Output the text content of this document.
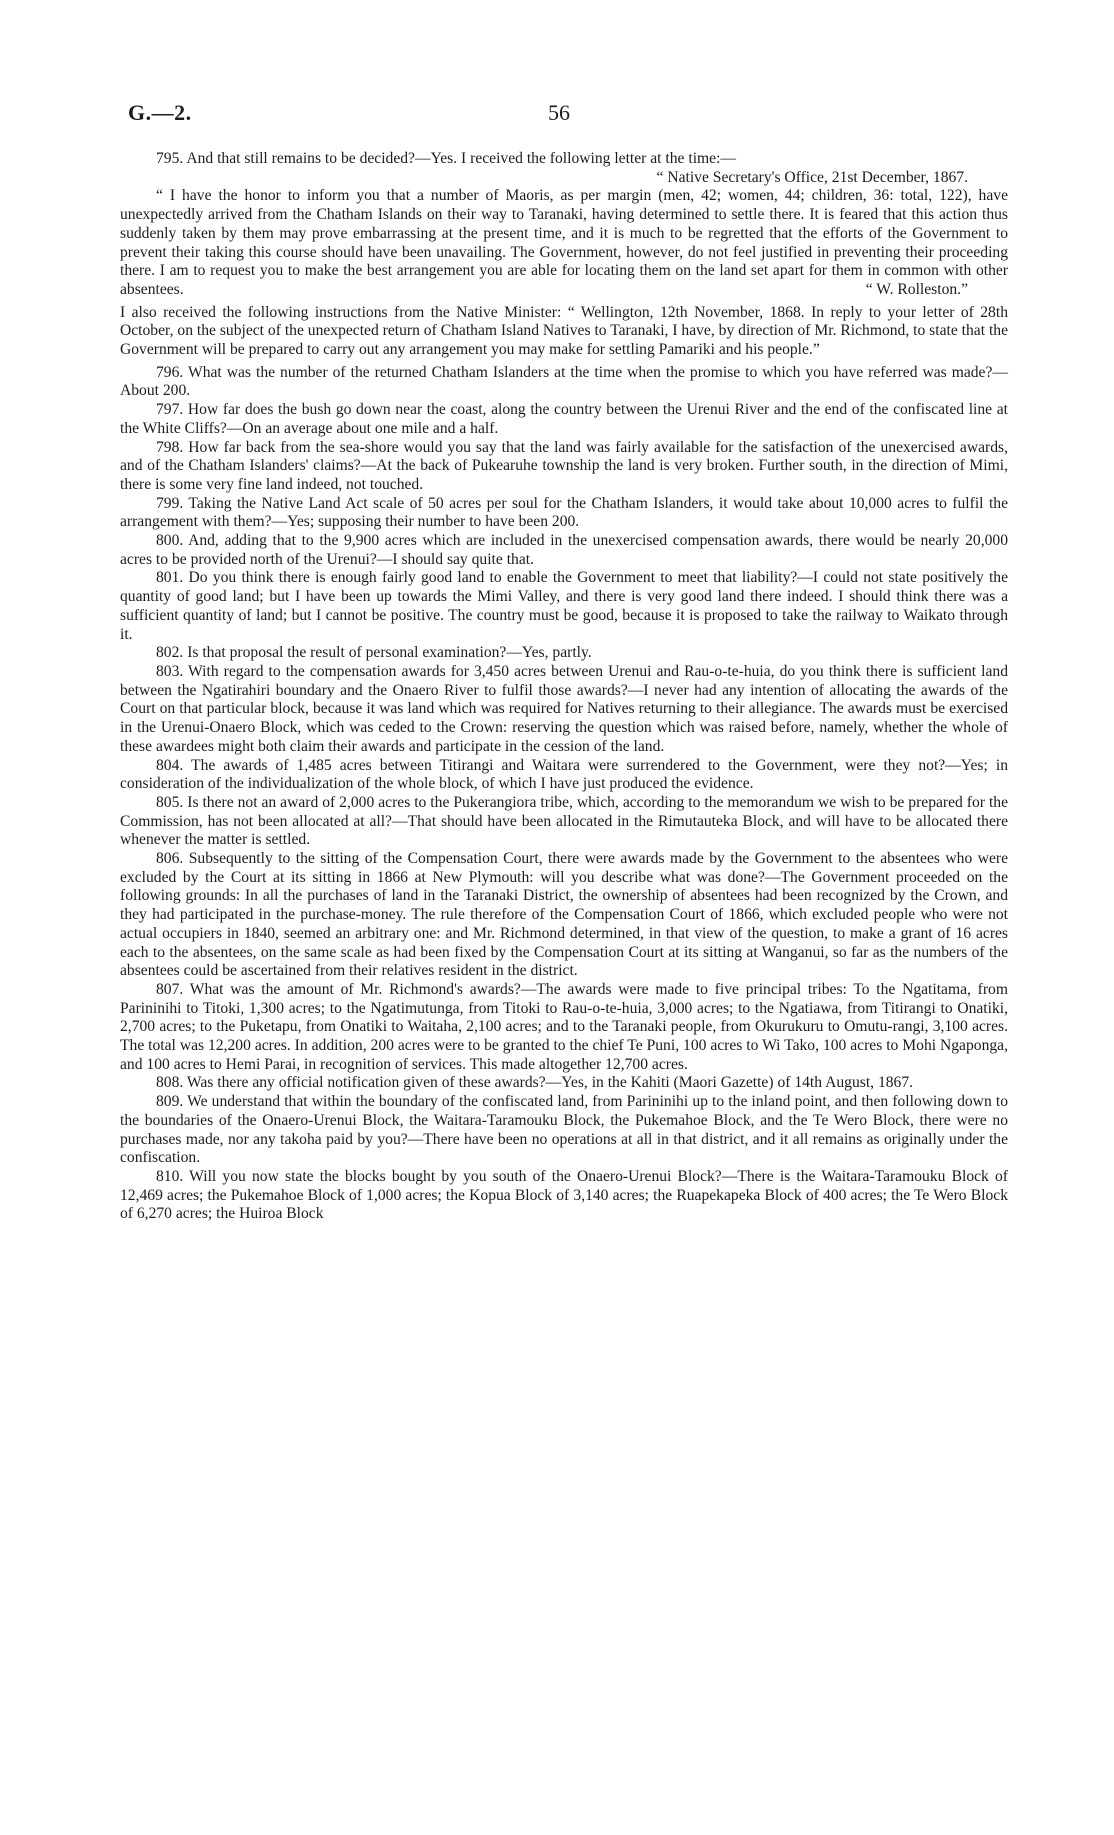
G.—2.	56

795. And that still remains to be decided?—Yes. I received the following letter at the time:—

“ Native Secretary's Office, 21st December, 1867.

“ I have the honor to inform you that a number of Maoris, as per margin (men, 42; women, 44; children, 36: total, 122), have unexpectedly arrived from the Chatham Islands on their way to Taranaki, having determined to settle there. It is feared that this action thus suddenly taken by them may prove embarrassing at the present time, and it is much to be regretted that the efforts of the Government to prevent their taking this course should have been unavailing. The Government, however, do not feel justified in preventing their proceeding there. I am to request you to make the best arrangement you are able for locating them on the land set apart for them in common with other absentees.	“ W. Rolleston.”

I also received the following instructions from the Native Minister: “ Wellington, 12th November, 1868. In reply to your letter of 28th October, on the subject of the unexpected return of Chatham Island Natives to Taranaki, I have, by direction of Mr. Richmond, to state that the Government will be prepared to carry out any arrangement you may make for settling Pamariki and his people.”

796. What was the number of the returned Chatham Islanders at the time when the promise to which you have referred was made?—About 200.

797. How far does the bush go down near the coast, along the country between the Urenui River and the end of the confiscated line at the White Cliffs?—On an average about one mile and a half.

798. How far back from the sea-shore would you say that the land was fairly available for the satisfaction of the unexercised awards, and of the Chatham Islanders' claims?—At the back of Pukearuhe township the land is very broken. Further south, in the direction of Mimi, there is some very fine land indeed, not touched.

799. Taking the Native Land Act scale of 50 acres per soul for the Chatham Islanders, it would take about 10,000 acres to fulfil the arrangement with them?—Yes; supposing their number to have been 200.

800. And, adding that to the 9,900 acres which are included in the unexercised compensation awards, there would be nearly 20,000 acres to be provided north of the Urenui?—I should say quite that.

801. Do you think there is enough fairly good land to enable the Government to meet that liability?—I could not state positively the quantity of good land; but I have been up towards the Mimi Valley, and there is very good land there indeed. I should think there was a sufficient quantity of land; but I cannot be positive. The country must be good, because it is proposed to take the railway to Waikato through it.

802. Is that proposal the result of personal examination?—Yes, partly.

803. With regard to the compensation awards for 3,450 acres between Urenui and Rau-o-te-huia, do you think there is sufficient land between the Ngatirahiri boundary and the Onaero River to fulfil those awards?—I never had any intention of allocating the awards of the Court on that particular block, because it was land which was required for Natives returning to their allegiance. The awards must be exercised in the Urenui-Onaero Block, which was ceded to the Crown: reserving the question which was raised before, namely, whether the whole of these awardees might both claim their awards and participate in the cession of the land.

804. The awards of 1,485 acres between Titirangi and Waitara were surrendered to the Government, were they not?—Yes; in consideration of the individualization of the whole block, of which I have just produced the evidence.

805. Is there not an award of 2,000 acres to the Pukerangiora tribe, which, according to the memorandum we wish to be prepared for the Commission, has not been allocated at all?—That should have been allocated in the Rimutauteka Block, and will have to be allocated there whenever the matter is settled.

806. Subsequently to the sitting of the Compensation Court, there were awards made by the Government to the absentees who were excluded by the Court at its sitting in 1866 at New Plymouth: will you describe what was done?—The Government proceeded on the following grounds: In all the purchases of land in the Taranaki District, the ownership of absentees had been recognized by the Crown, and they had participated in the purchase-money. The rule therefore of the Compensation Court of 1866, which excluded people who were not actual occupiers in 1840, seemed an arbitrary one: and Mr. Richmond determined, in that view of the question, to make a grant of 16 acres each to the absentees, on the same scale as had been fixed by the Compensation Court at its sitting at Wanganui, so far as the numbers of the absentees could be ascertained from their relatives resident in the district.

807. What was the amount of Mr. Richmond's awards?—The awards were made to five principal tribes: To the Ngatitama, from Parininihi to Titoki, 1,300 acres; to the Ngatimutunga, from Titoki to Rau-o-te-huia, 3,000 acres; to the Ngatiawa, from Titirangi to Onatiki, 2,700 acres; to the Puketapu, from Onatiki to Waitaha, 2,100 acres; and to the Taranaki people, from Okurukuru to Omutu-rangi, 3,100 acres. The total was 12,200 acres. In addition, 200 acres were to be granted to the chief Te Puni, 100 acres to Wi Tako, 100 acres to Mohi Ngaponga, and 100 acres to Hemi Parai, in recognition of services. This made altogether 12,700 acres.

808. Was there any official notification given of these awards?—Yes, in the Kahiti (Maori Gazette) of 14th August, 1867.

809. We understand that within the boundary of the confiscated land, from Parininihi up to the inland point, and then following down to the boundaries of the Onaero-Urenui Block, the Waitara-Taramouku Block, the Pukemahoe Block, and the Te Wero Block, there were no purchases made, nor any takoha paid by you?—There have been no operations at all in that district, and it all remains as originally under the confiscation.

810. Will you now state the blocks bought by you south of the Onaero-Urenui Block?—There is the Waitara-Taramouku Block of 12,469 acres; the Pukemahoe Block of 1,000 acres; the Kopua Block of 3,140 acres; the Ruapekapeka Block of 400 acres; the Te Wero Block of 6,270 acres; the Huiroa Block
